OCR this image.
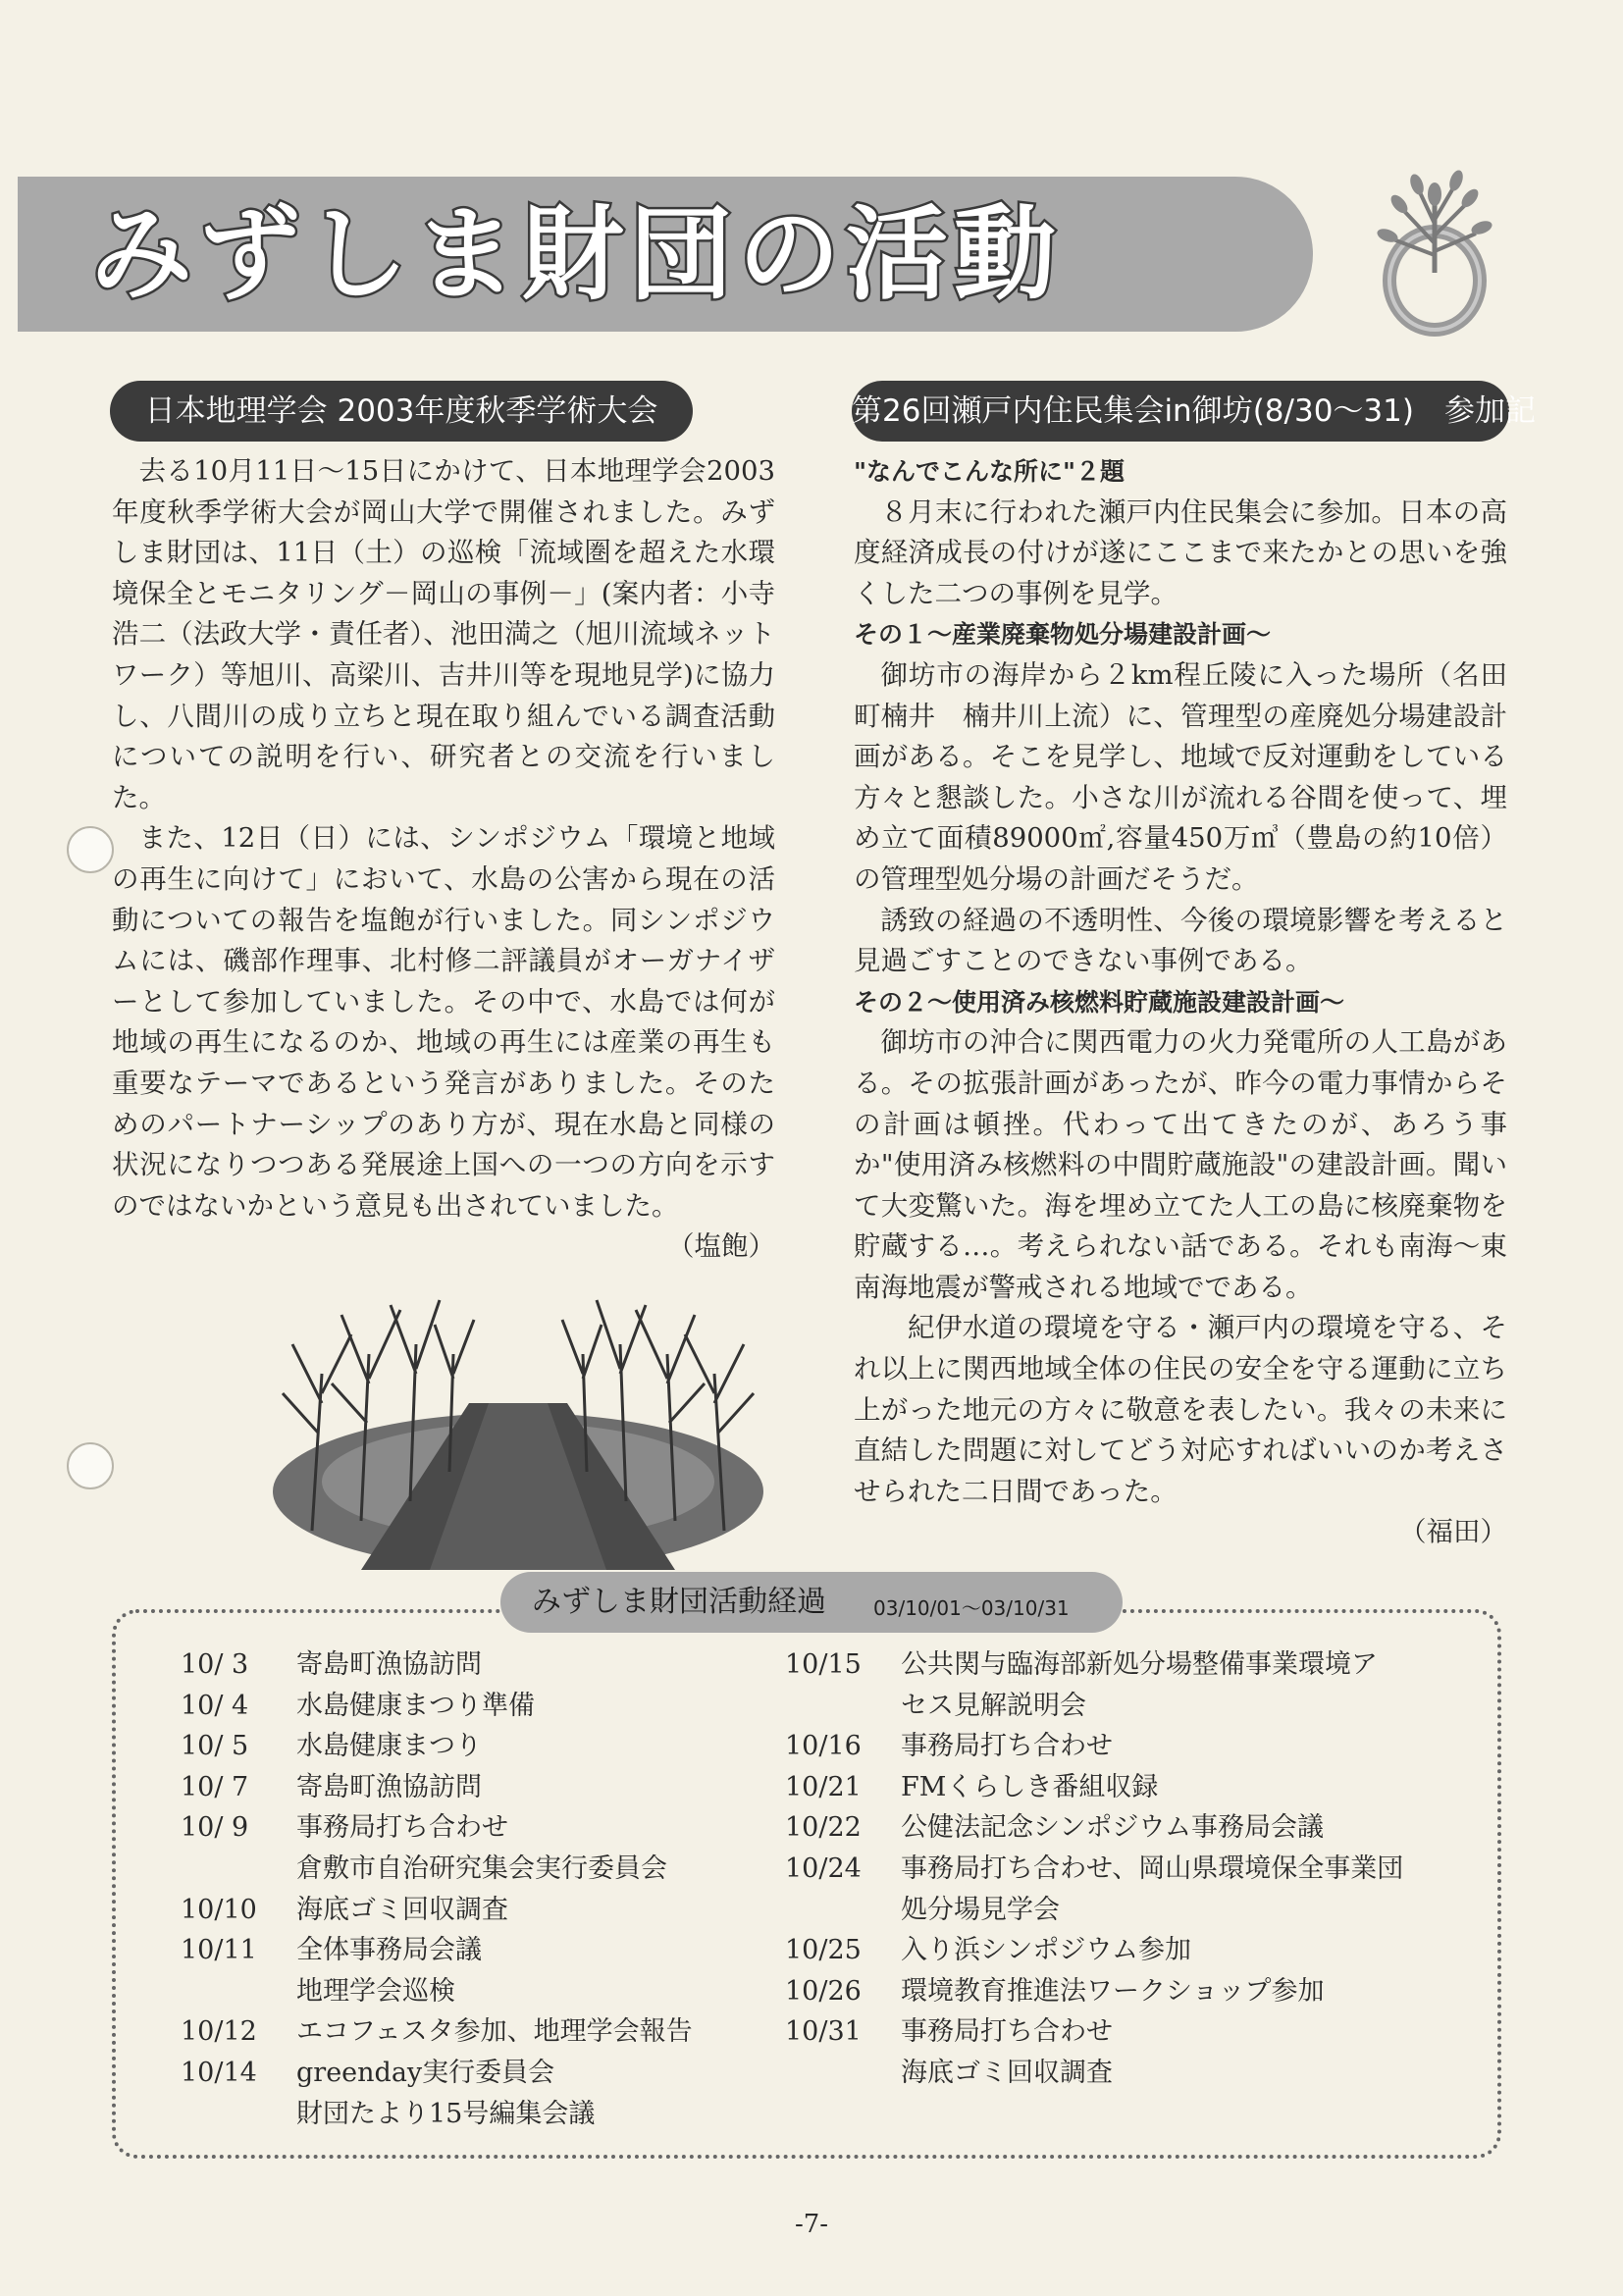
みずしま財団の活動
日本地理学会 2003年度秋季学術大会	第26回瀬戸内住民集会in御坊(8/30～31)　参加記

去る10月11日～15日にかけて、日本地理学会2003年度秋季学術大会が岡山大学で開催されました。みずしま財団は、11日（土）の巡検「流域圏を超えた水環境保全とモニタリング－岡山の事例－」(案内者：小寺浩二（法政大学・責任者）、池田満之（旭川流域ネットワーク）等旭川、高梁川、吉井川等を現地見学)に協力し、八間川の成り立ちと現在取り組んでいる調査活動についての説明を行い、研究者との交流を行いました。

また、12日（日）には、シンポジウム「環境と地域の再生に向けて」において、水島の公害から現在の活動についての報告を塩飽が行いました。同シンポジウムには、磯部作理事、北村修二評議員がオーガナイザーとして参加していました。その中で、水島では何が地域の再生になるのか、地域の再生には産業の再生も重要なテーマであるという発言がありました。そのためのパートナーシップのあり方が、現在水島と同様の状況になりつつある発展途上国への一つの方向を示すのではないかという意見も出されていました。
（塩飽）

"なんでこんな所に"２題

８月末に行われた瀬戸内住民集会に参加。日本の高度経済成長の付けが遂にここまで来たかとの思いを強くした二つの事例を見学。

その１～産業廃棄物処分場建設計画～

御坊市の海岸から２km程丘陵に入った場所（名田町楠井　楠井川上流）に、管理型の産廃処分場建設計画がある。そこを見学し、地域で反対運動をしている方々と懇談した。小さな川が流れる谷間を使って、埋め立て面積89000㎡,容量450万㎥（豊島の約10倍）の管理型処分場の計画だそうだ。

誘致の経過の不透明性、今後の環境影響を考えると見過ごすことのできない事例である。

その２～使用済み核燃料貯蔵施設建設計画～

御坊市の沖合に関西電力の火力発電所の人工島がある。その拡張計画があったが、昨今の電力事情からその計画は頓挫。代わって出てきたのが、あろう事か"使用済み核燃料の中間貯蔵施設"の建設計画。聞いて大変驚いた。海を埋め立てた人工の島に核廃棄物を貯蔵する…。考えられない話である。それも南海～東南海地震が警戒される地域でである。

紀伊水道の環境を守る・瀬戸内の環境を守る、それ以上に関西地域全体の住民の安全を守る運動に立ち上がった地元の方々に敬意を表したい。我々の未来に直結した問題に対してどう対応すればいいのか考えさせられた二日間であった。
（福田）

みずしま財団活動経過 03/10/01～03/10/31
10/ 3	寄島町漁協訪問
10/ 4	水島健康まつり準備
10/ 5	水島健康まつり
10/ 7	寄島町漁協訪問
10/ 9	事務局打ち合わせ
倉敷市自治研究集会実行委員会
10/10	海底ゴミ回収調査
10/11	全体事務局会議
地理学会巡検
10/12	エコフェスタ参加、地理学会報告
10/14	greenday実行委員会
財団たより15号編集会議
10/15	公共関与臨海部新処分場整備事業環境ア
セス見解説明会
10/16	事務局打ち合わせ
10/21	FMくらしき番組収録
10/22	公健法記念シンポジウム事務局会議
10/24	事務局打ち合わせ、岡山県環境保全事業団
処分場見学会
10/25	入り浜シンポジウム参加
10/26	環境教育推進法ワークショップ参加
10/31	事務局打ち合わせ
海底ゴミ回収調査
-7-
